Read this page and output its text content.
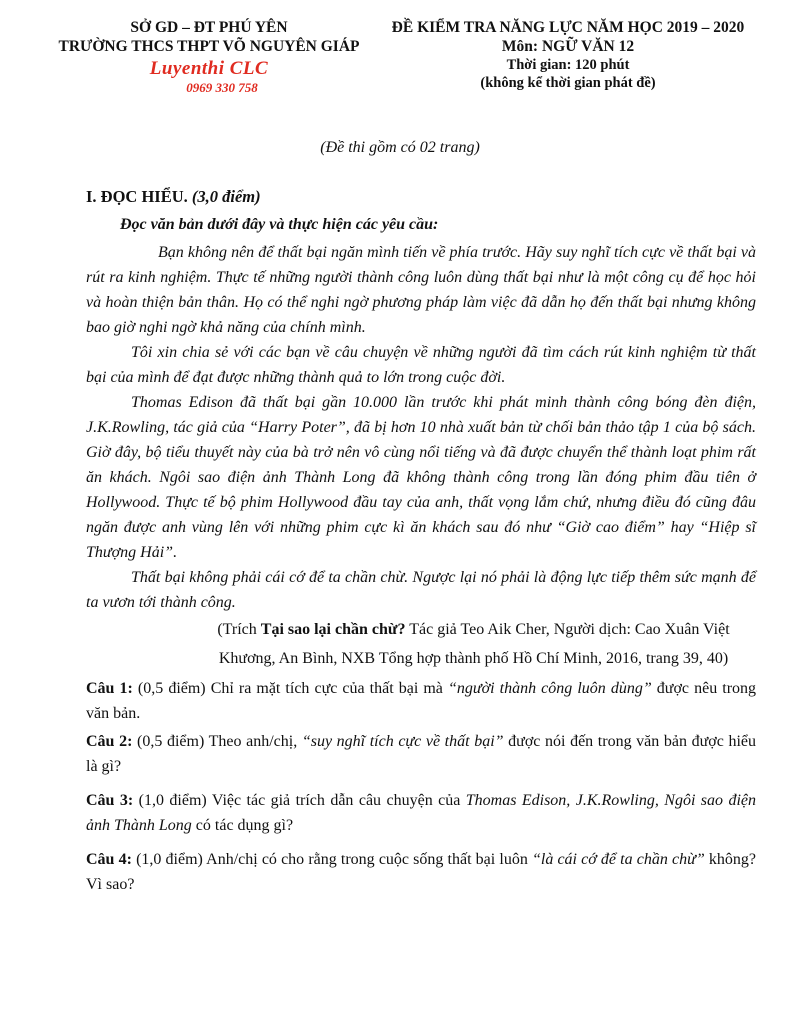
SỞ GD – ĐT PHÚ YÊN
TRƯỜNG THCS THPT VÕ NGUYÊN GIÁP
Luyenthi CLC
0969 330 758
ĐỀ KIỂM TRA NĂNG LỰC NĂM HỌC 2019 – 2020
Môn: NGỮ VĂN 12
Thời gian: 120 phút
(không kể thời gian phát đề)
(Đề thi gồm có 02 trang)

I. ĐỌC HIỂU. (3,0 điểm)

Đọc văn bản dưới đây và thực hiện các yêu cầu:

Bạn không nên để thất bại ngăn mình tiến về phía trước. Hãy suy nghĩ tích cực về thất bại và rút ra kinh nghiệm. Thực tế những người thành công luôn dùng thất bại như là một công cụ để học hỏi và hoàn thiện bản thân. Họ có thể nghi ngờ phương pháp làm việc đã dẫn họ đến thất bại nhưng không bao giờ nghi ngờ khả năng của chính mình.

Tôi xin chia sẻ với các bạn về câu chuyện về những người đã tìm cách rút kinh nghiệm từ thất bại của mình để đạt được những thành quả to lớn trong cuộc đời.

Thomas Edison đã thất bại gần 10.000 lần trước khi phát minh thành công bóng đèn điện, J.K.Rowling, tác giả của “Harry Poter”, đã bị hơn 10 nhà xuất bản từ chối bản thảo tập 1 của bộ sách. Giờ đây, bộ tiểu thuyết này của bà trở nên vô cùng nổi tiếng và đã được chuyển thể thành loạt phim rất ăn khách. Ngôi sao điện ảnh Thành Long đã không thành công trong lần đóng phim đầu tiên ở Hollywood. Thực tế bộ phim Hollywood đầu tay của anh, thất vọng lắm chứ, nhưng điều đó cũng đâu ngăn được anh vùng lên với những phim cực kì ăn khách sau đó như “Giờ cao điểm” hay “Hiệp sĩ Thượng Hải”.

Thất bại không phải cái cớ để ta chần chừ. Ngược lại nó phải là động lực tiếp thêm sức mạnh để ta vươn tới thành công.

(Trích Tại sao lại chần chừ? Tác giả Teo Aik Cher, Người dịch: Cao Xuân Việt Khương, An Bình, NXB Tổng hợp thành phố Hồ Chí Minh, 2016, trang 39, 40)

Câu 1: (0,5 điểm) Chỉ ra mặt tích cực của thất bại mà “người thành công luôn dùng” được nêu trong văn bản.

Câu 2: (0,5 điểm) Theo anh/chị, “suy nghĩ tích cực về thất bại” được nói đến trong văn bản được hiểu là gì?

Câu 3: (1,0 điểm) Việc tác giả trích dẫn câu chuyện của Thomas Edison, J.K.Rowling, Ngôi sao điện ảnh Thành Long có tác dụng gì?

Câu 4: (1,0 điểm) Anh/chị có cho rằng trong cuộc sống thất bại luôn “là cái cớ để ta chần chừ” không? Vì sao?
